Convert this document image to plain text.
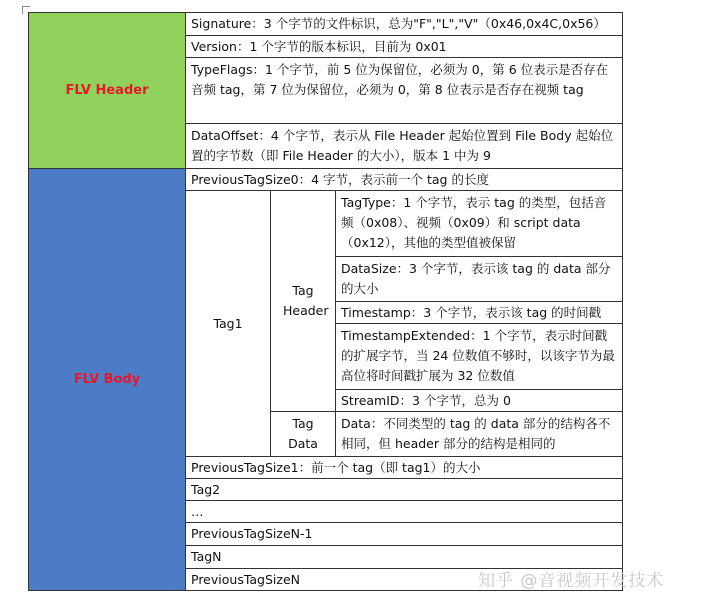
FLV Header
Signature：3 个字节的文件标识，总为"F","L","V"（0x46,0x4C,0x56）
Version：1 个字节的版本标识，目前为 0x01
TypeFlags：1 个字节，前 5 位为保留位，必须为 0，第 6 位表示是否存在音频 tag，第 7 位为保留位，必须为 0，第 8 位表示是否存在视频 tag
DataOffset：4 个字节，表示从 File Header 起始位置到 File Body 起始位置的字节数（即 File Header 的大小），版本 1 中为 9
FLV Body
PreviousTagSize0：4 字节，表示前一个 tag 的长度
Tag1
Tag Header
Tag Data
TagType：1 个字节，表示 tag 的类型，包括音频（0x08）、视频（0x09）和 script data（0x12），其他的类型值被保留
DataSize：3 个字节，表示该 tag 的 data 部分的大小
Timestamp：3 个字节，表示该 tag 的时间戳
TimestampExtended：1 个字节，表示时间戳的扩展字节，当 24 位数值不够时，以该字节为最高位将时间戳扩展为 32 位数值
StreamID：3 个字节，总为 0
Data：不同类型的 tag 的 data 部分的结构各不相同，但 header 部分的结构是相同的
PreviousTagSize1：前一个 tag（即 tag1）的大小
Tag2
…
PreviousTagSizeN-1
TagN
PreviousTagSizeN	知乎 @音视频开发技术
